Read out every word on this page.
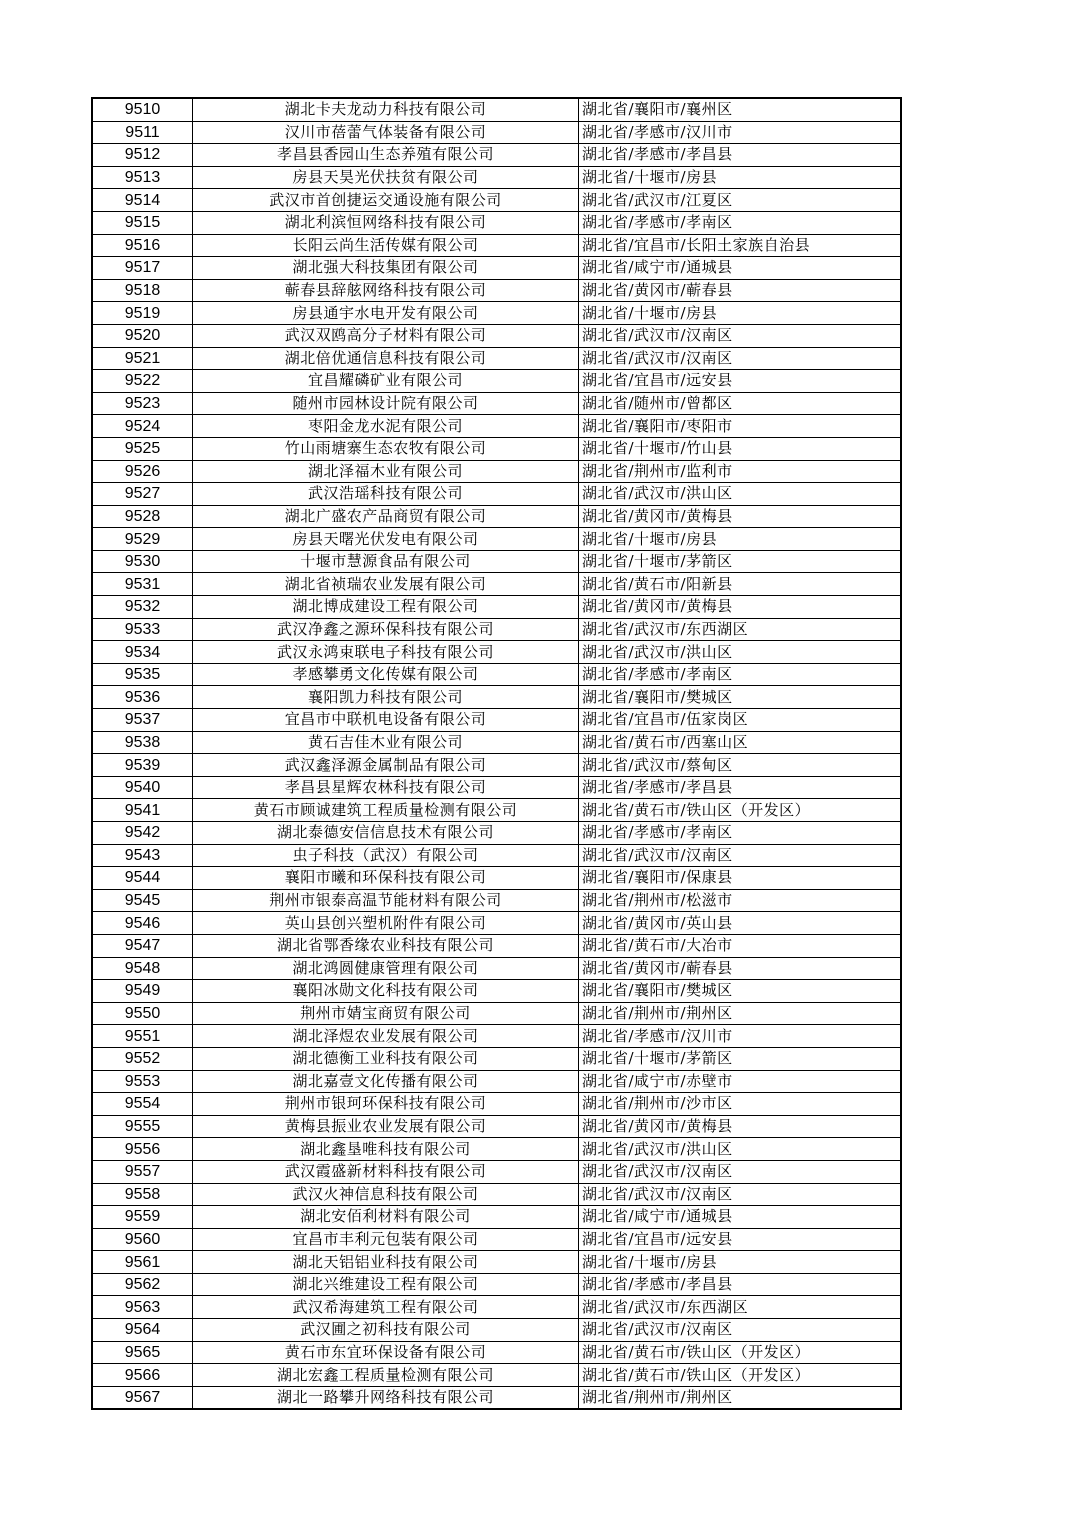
9510	湖北卡夫龙动力科技有限公司	湖北省/襄阳市/襄州区
9511	汉川市蓓蕾气体装备有限公司	湖北省/孝感市/汉川市
9512	孝昌县香园山生态养殖有限公司	湖北省/孝感市/孝昌县
9513	房县天昊光伏扶贫有限公司	湖北省/十堰市/房县
9514	武汉市首创捷运交通设施有限公司	湖北省/武汉市/江夏区
9515	湖北利滨恒网络科技有限公司	湖北省/孝感市/孝南区
9516	长阳云尚生活传媒有限公司	湖北省/宜昌市/长阳土家族自治县
9517	湖北强大科技集团有限公司	湖北省/咸宁市/通城县
9518	蕲春县辞舷网络科技有限公司	湖北省/黄冈市/蕲春县
9519	房县通宇水电开发有限公司	湖北省/十堰市/房县
9520	武汉双鸥高分子材料有限公司	湖北省/武汉市/汉南区
9521	湖北倍优通信息科技有限公司	湖北省/武汉市/汉南区
9522	宜昌耀磷矿业有限公司	湖北省/宜昌市/远安县
9523	随州市园林设计院有限公司	湖北省/随州市/曾都区
9524	枣阳金龙水泥有限公司	湖北省/襄阳市/枣阳市
9525	竹山雨塘寨生态农牧有限公司	湖北省/十堰市/竹山县
9526	湖北泽福木业有限公司	湖北省/荆州市/监利市
9527	武汉浩瑶科技有限公司	湖北省/武汉市/洪山区
9528	湖北广盛农产品商贸有限公司	湖北省/黄冈市/黄梅县
9529	房县天曙光伏发电有限公司	湖北省/十堰市/房县
9530	十堰市慧源食品有限公司	湖北省/十堰市/茅箭区
9531	湖北省祯瑞农业发展有限公司	湖北省/黄石市/阳新县
9532	湖北博成建设工程有限公司	湖北省/黄冈市/黄梅县
9533	武汉净鑫之源环保科技有限公司	湖北省/武汉市/东西湖区
9534	武汉永鸿束联电子科技有限公司	湖北省/武汉市/洪山区
9535	孝感攀勇文化传媒有限公司	湖北省/孝感市/孝南区
9536	襄阳凯力科技有限公司	湖北省/襄阳市/樊城区
9537	宜昌市中联机电设备有限公司	湖北省/宜昌市/伍家岗区
9538	黄石吉佳木业有限公司	湖北省/黄石市/西塞山区
9539	武汉鑫泽源金属制品有限公司	湖北省/武汉市/蔡甸区
9540	孝昌县星辉农林科技有限公司	湖北省/孝感市/孝昌县
9541	黄石市顾诚建筑工程质量检测有限公司	湖北省/黄石市/铁山区（开发区）
9542	湖北泰德安信信息技术有限公司	湖北省/孝感市/孝南区
9543	虫子科技（武汉）有限公司	湖北省/武汉市/汉南区
9544	襄阳市曦和环保科技有限公司	湖北省/襄阳市/保康县
9545	荆州市银泰高温节能材料有限公司	湖北省/荆州市/松滋市
9546	英山县创兴塑机附件有限公司	湖北省/黄冈市/英山县
9547	湖北省鄂香缘农业科技有限公司	湖北省/黄石市/大冶市
9548	湖北鸿圆健康管理有限公司	湖北省/黄冈市/蕲春县
9549	襄阳冰勋文化科技有限公司	湖北省/襄阳市/樊城区
9550	荆州市婧宝商贸有限公司	湖北省/荆州市/荆州区
9551	湖北泽煜农业发展有限公司	湖北省/孝感市/汉川市
9552	湖北德衡工业科技有限公司	湖北省/十堰市/茅箭区
9553	湖北嘉壹文化传播有限公司	湖北省/咸宁市/赤壁市
9554	荆州市银珂环保科技有限公司	湖北省/荆州市/沙市区
9555	黄梅县振业农业发展有限公司	湖北省/黄冈市/黄梅县
9556	湖北鑫垦唯科技有限公司	湖北省/武汉市/洪山区
9557	武汉霞盛新材料科技有限公司	湖北省/武汉市/汉南区
9558	武汉火神信息科技有限公司	湖北省/武汉市/汉南区
9559	湖北安佰利材料有限公司	湖北省/咸宁市/通城县
9560	宜昌市丰利元包装有限公司	湖北省/宜昌市/远安县
9561	湖北天铝铝业科技有限公司	湖北省/十堰市/房县
9562	湖北兴维建设工程有限公司	湖北省/孝感市/孝昌县
9563	武汉希海建筑工程有限公司	湖北省/武汉市/东西湖区
9564	武汉圃之初科技有限公司	湖北省/武汉市/汉南区
9565	黄石市东宜环保设备有限公司	湖北省/黄石市/铁山区（开发区）
9566	湖北宏鑫工程质量检测有限公司	湖北省/黄石市/铁山区（开发区）
9567	湖北一路攀升网络科技有限公司	湖北省/荆州市/荆州区
